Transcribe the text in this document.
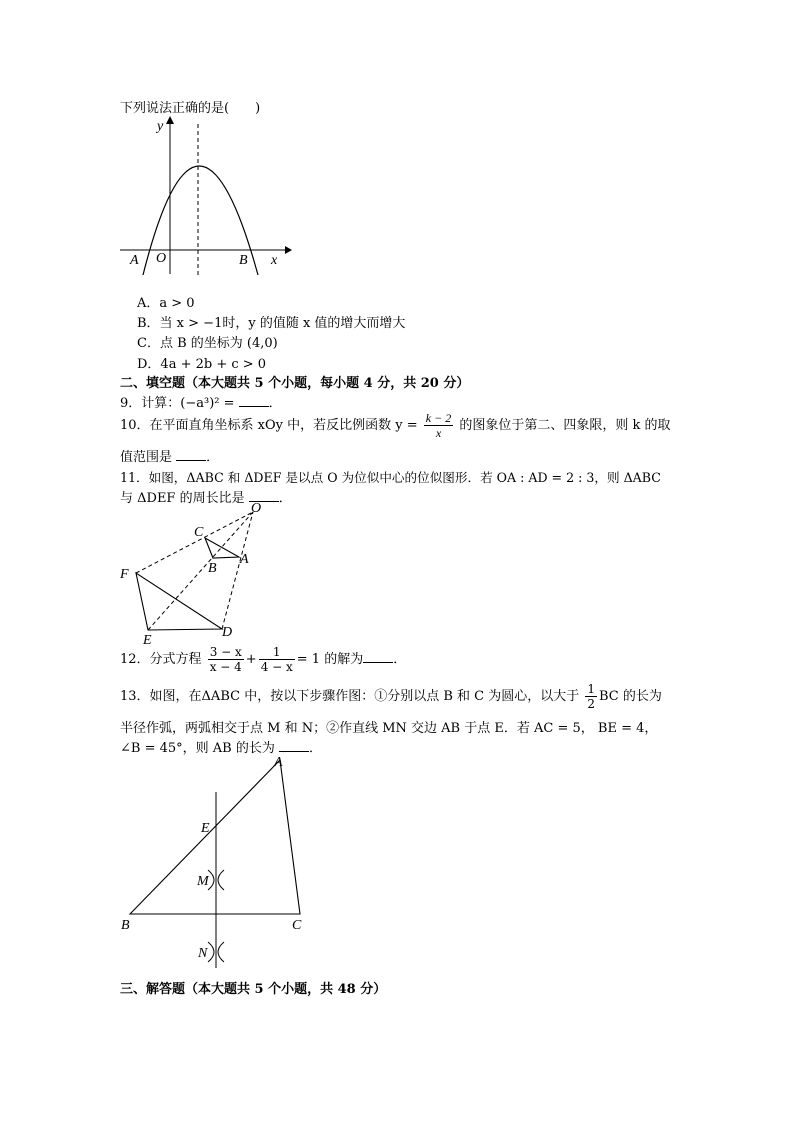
下列说法正确的是(　　)
y
x
A O	B
A．a > 0
B．当 x > −1时，y 的值随 x 值的增大而增大
C．点 B 的坐标为 (4,0)
D．4a + 2b + c > 0
二、填空题（本大题共 5 个小题，每小题 4 分，共 20 分）
9．计算：(−a³)² = ．
10．在平面直角坐标系 xOy 中，若反比例函数 $y = \frac{k - 2}{x}$ 的图象位于第二、四象限，则 k 的取
值范围是 ．
11．如图，ΔABC 和 ΔDEF 是以点 O 为位似中心的位似图形．若 OA : AD = 2 : 3，则 ΔABC
与 ΔDEF 的周长比是 ．
O
C
A
B
F
E
D
12．分式方程 $\frac{3 - x}{x - 4} + \frac{1}{4 - x} = 1$ 的解为 ．
13．如图，在ΔABC 中，按以下步骤作图：①分别以点 B 和 C 为圆心，以大于 $\frac{1}{2}$ BC 的长为
半径作弧，两弧相交于点 M 和 N；②作直线 MN 交边 AB 于点 E．若 AC = 5， BE = 4，
∠B = 45°，则 AB 的长为 ．
A
E
M
B	C
N
三、解答题（本大题共 5 个小题，共 48 分）
